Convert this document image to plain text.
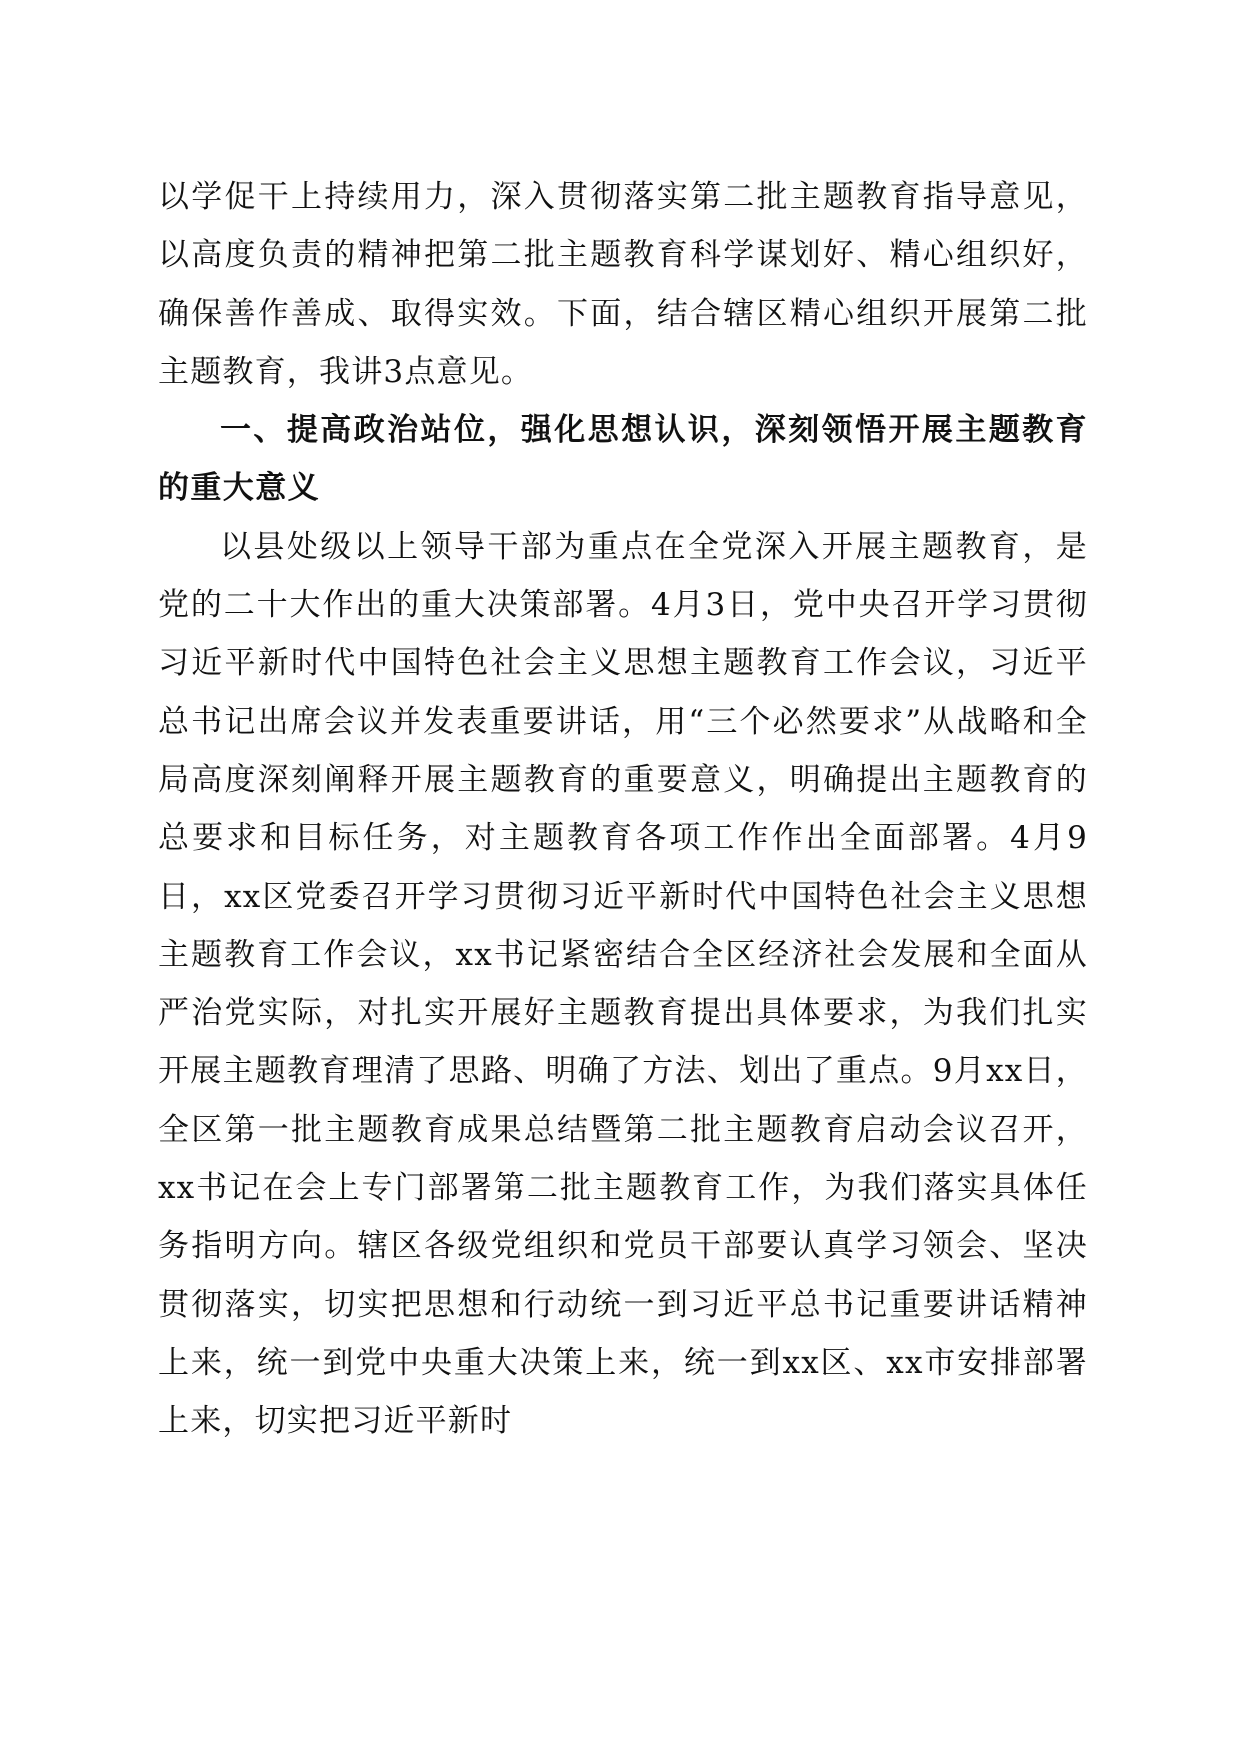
以学促干上持续用力，深入贯彻落实第二批主题教育指导意见，以高度负责的精神把第二批主题教育科学谋划好、精心组织好，确保善作善成、取得实效。下面，结合辖区精心组织开展第二批主题教育，我讲3点意见。

一、提高政治站位，强化思想认识，深刻领悟开展主题教育的重大意义

以县处级以上领导干部为重点在全党深入开展主题教育，是党的二十大作出的重大决策部署。4月3日，党中央召开学习贯彻习近平新时代中国特色社会主义思想主题教育工作会议，习近平总书记出席会议并发表重要讲话，用“三个必然要求”从战略和全局高度深刻阐释开展主题教育的重要意义，明确提出主题教育的总要求和目标任务，对主题教育各项工作作出全面部署。4月9日，xx区党委召开学习贯彻习近平新时代中国特色社会主义思想主题教育工作会议，xx书记紧密结合全区经济社会发展和全面从严治党实际，对扎实开展好主题教育提出具体要求，为我们扎实开展主题教育理清了思路、明确了方法、划出了重点。9月xx日，全区第一批主题教育成果总结暨第二批主题教育启动会议召开，xx书记在会上专门部署第二批主题教育工作，为我们落实具体任务指明方向。辖区各级党组织和党员干部要认真学习领会、坚决贯彻落实，切实把思想和行动统一到习近平总书记重要讲话精神上来，统一到党中央重大决策上来，统一到xx区、xx市安排部署上来，切实把习近平新时
